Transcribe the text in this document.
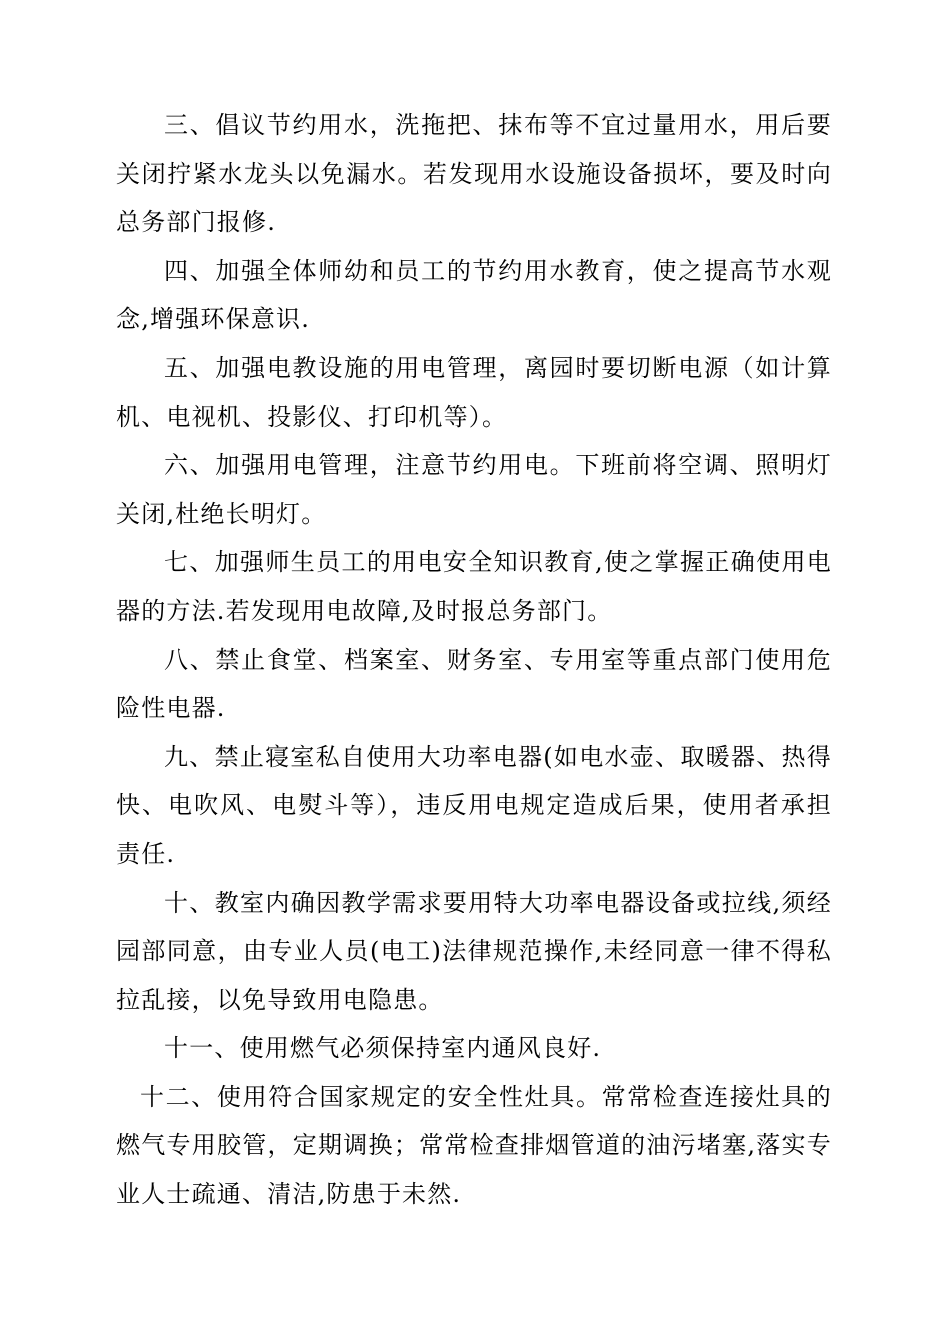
三、倡议节约用水，洗拖把、抹布等不宜过量用水，用后要关闭拧紧水龙头以免漏水。若发现用水设施设备损坏，要及时向总务部门报修.

四、加强全体师幼和员工的节约用水教育，使之提高节水观念,增强环保意识.

五、加强电教设施的用电管理，离园时要切断电源（如计算机、电视机、投影仪、打印机等）。

六、加强用电管理，注意节约用电。下班前将空调、照明灯关闭,杜绝长明灯。

七、加强师生员工的用电安全知识教育,使之掌握正确使用电器的方法.若发现用电故障,及时报总务部门。

八、禁止食堂、档案室、财务室、专用室等重点部门使用危险性电器.

九、禁止寝室私自使用大功率电器(如电水壶、取暖器、热得快、电吹风、电熨斗等），违反用电规定造成后果，使用者承担责任.

十、教室内确因教学需求要用特大功率电器设备或拉线,须经园部同意，由专业人员(电工)法律规范操作,未经同意一律不得私拉乱接，以免导致用电隐患。

十一、使用燃气必须保持室内通风良好.

十二、使用符合国家规定的安全性灶具。常常检查连接灶具的燃气专用胶管，定期调换；常常检查排烟管道的油污堵塞,落实专业人士疏通、清洁,防患于未然.
